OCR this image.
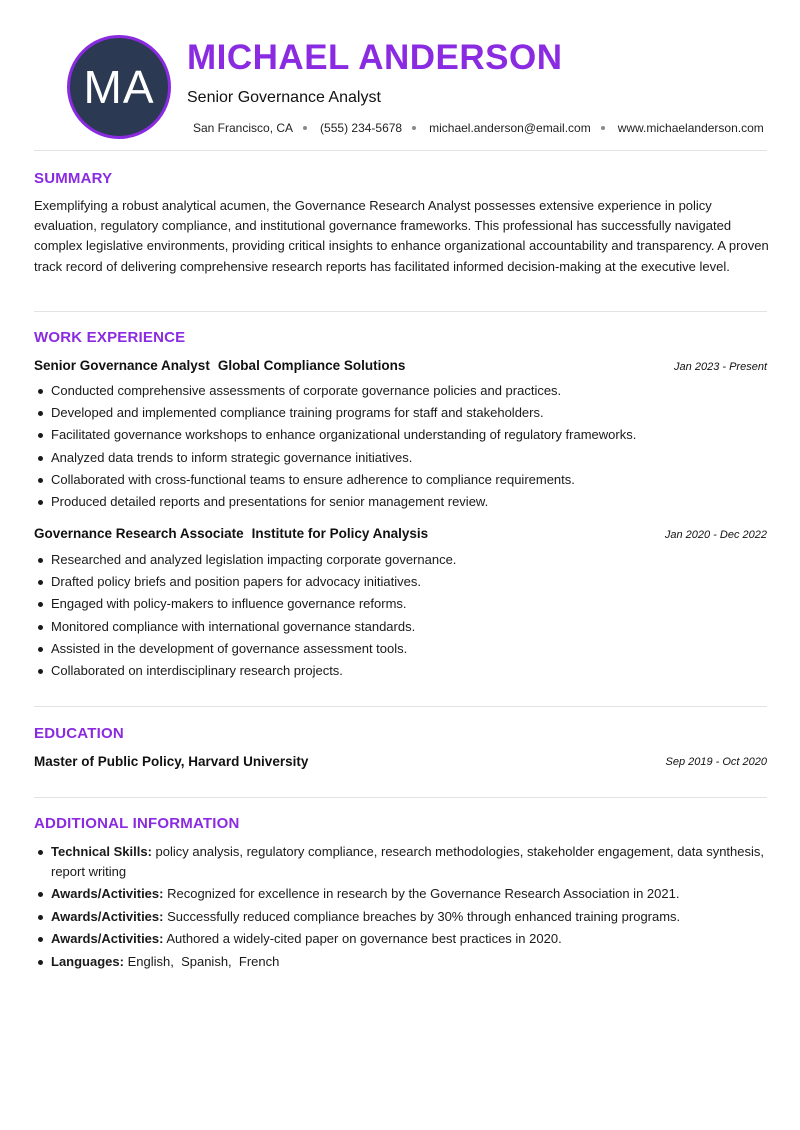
MA
MICHAEL ANDERSON
Senior Governance Analyst
San Francisco, CA (555) 234-5678 michael.anderson@email.com www.michaelanderson.com
SUMMARY
Exemplifying a robust analytical acumen, the Governance Research Analyst possesses extensive experience in policy evaluation, regulatory compliance, and institutional governance frameworks. This professional has successfully navigated complex legislative environments, providing critical insights to enhance organizational accountability and transparency. A proven track record of delivering comprehensive research reports has facilitated informed decision-making at the executive level.
WORK EXPERIENCE
Senior Governance Analyst Global Compliance Solutions	Jan 2023 - Present
Conducted comprehensive assessments of corporate governance policies and practices.
Developed and implemented compliance training programs for staff and stakeholders.
Facilitated governance workshops to enhance organizational understanding of regulatory frameworks.
Analyzed data trends to inform strategic governance initiatives.
Collaborated with cross-functional teams to ensure adherence to compliance requirements.
Produced detailed reports and presentations for senior management review.
Governance Research Associate Institute for Policy Analysis	Jan 2020 - Dec 2022
Researched and analyzed legislation impacting corporate governance.
Drafted policy briefs and position papers for advocacy initiatives.
Engaged with policy-makers to influence governance reforms.
Monitored compliance with international governance standards.
Assisted in the development of governance assessment tools.
Collaborated on interdisciplinary research projects.
EDUCATION
Master of Public Policy, Harvard University	Sep 2019 - Oct 2020
ADDITIONAL INFORMATION
Technical Skills: policy analysis, regulatory compliance, research methodologies, stakeholder engagement, data synthesis, report writing
Awards/Activities: Recognized for excellence in research by the Governance Research Association in 2021.
Awards/Activities: Successfully reduced compliance breaches by 30% through enhanced training programs.
Awards/Activities: Authored a widely-cited paper on governance best practices in 2020.
Languages: English,  Spanish,  French
